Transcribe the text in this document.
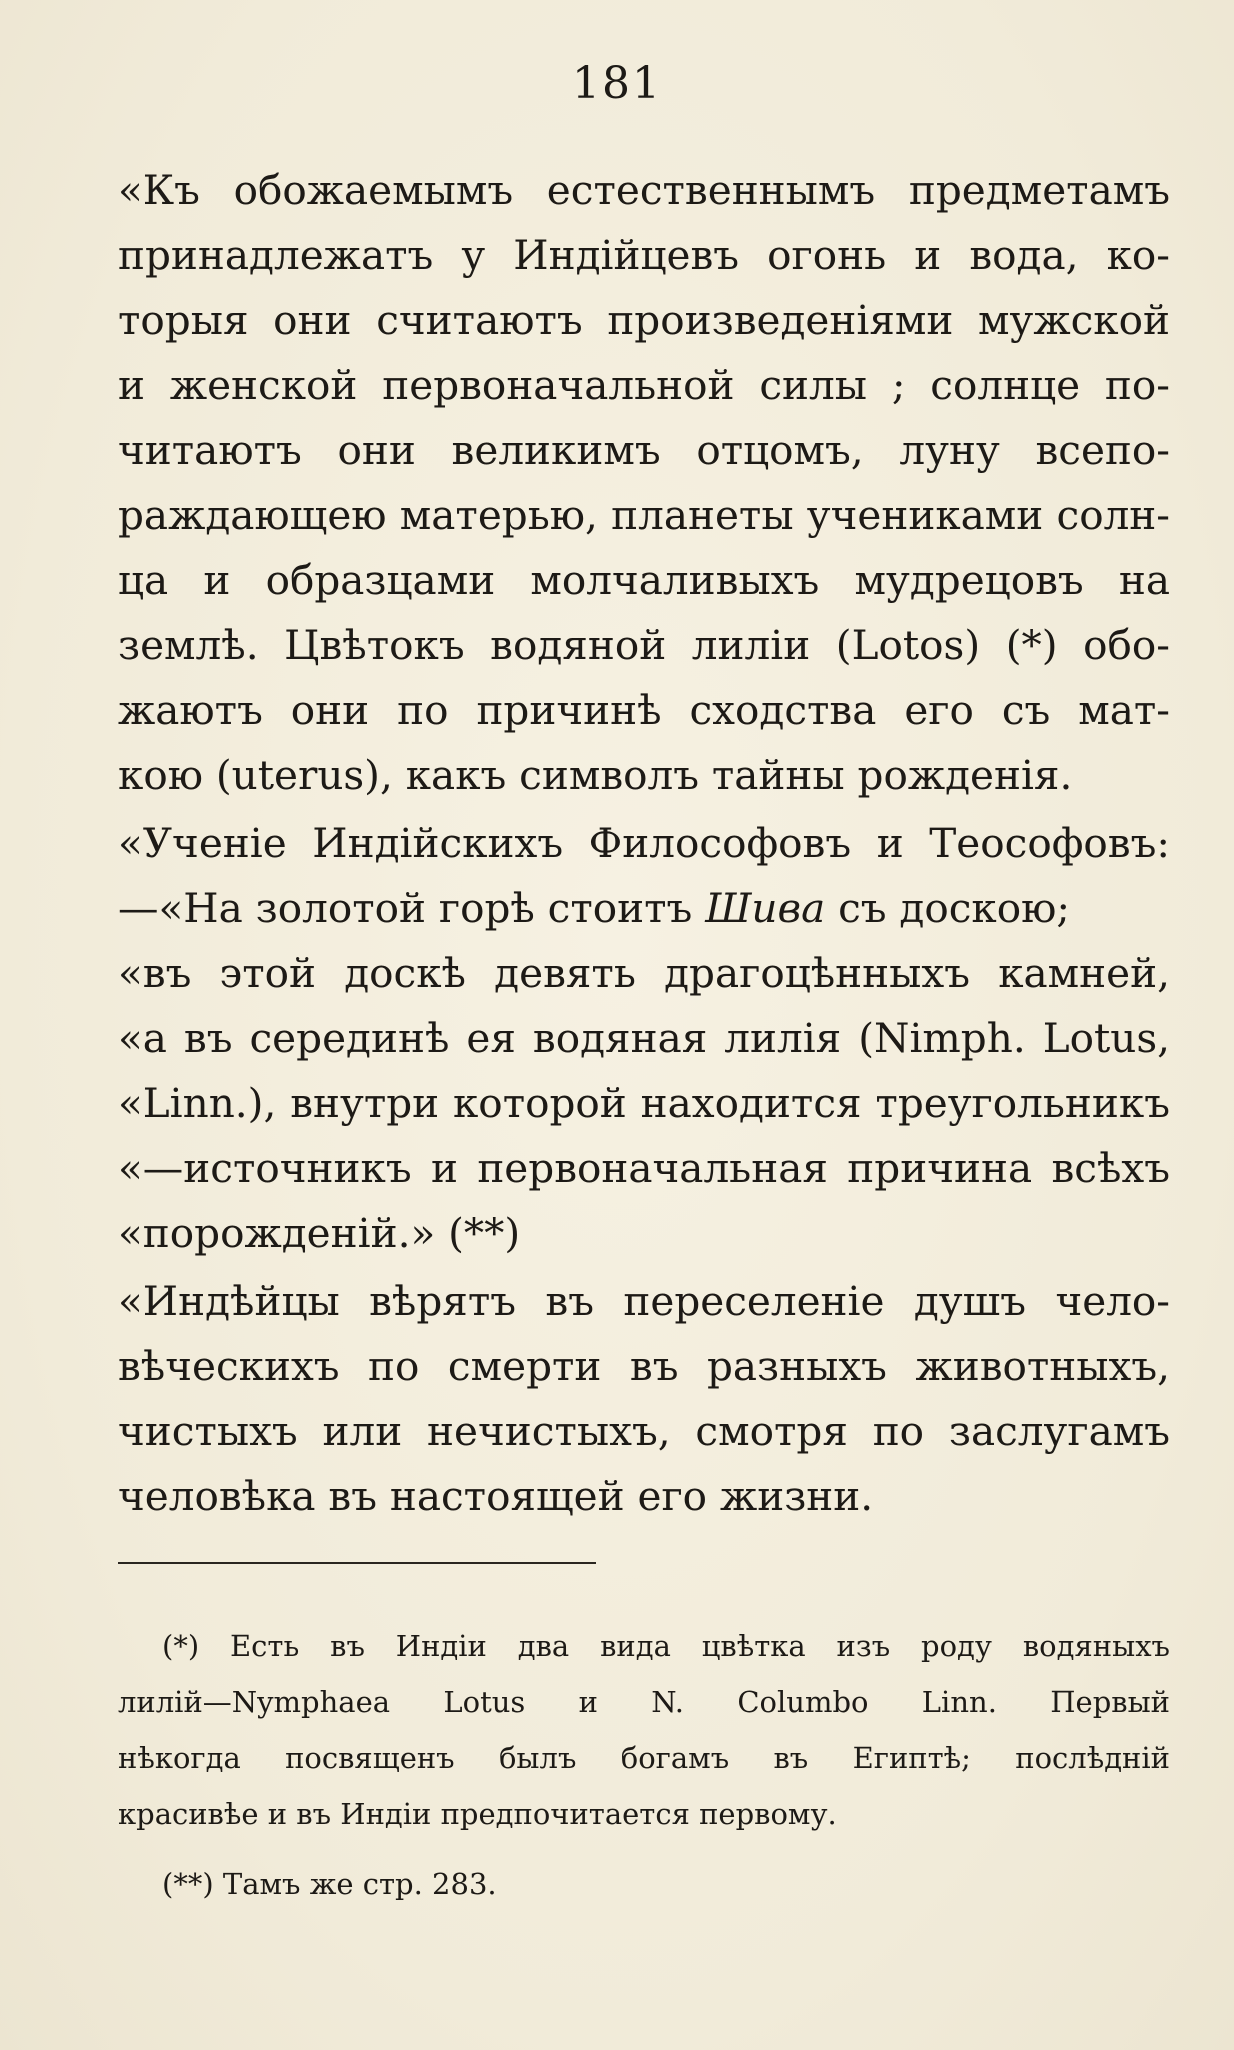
181
«Къ обожаемымъ естественнымъ предметамъ
принадлежатъ у Индійцевъ огонь и вода, ко-
торыя они считаютъ произведеніями мужской
и женской первоначальной силы ; солнце по-
читаютъ они великимъ отцомъ, луну всепо-
раждающею матерью, планеты учениками солн-
ца и образцами молчаливыхъ мудрецовъ на
землѣ. Цвѣтокъ водяной лиліи (Lotos) (*) обо-
жаютъ они по причинѣ сходства его съ мат-
кою (uterus), какъ символъ тайны рожденія.
«Ученіе Индійскихъ Философовъ и Теософовъ:
—«На золотой горѣ стоитъ Шива съ доскою;
«въ этой доскѣ девять драгоцѣнныхъ камней,
«а въ серединѣ ея водяная лилія (Nimph. Lotus,
«Linn.), внутри которой находится треугольникъ
«—источникъ и первоначальная причина всѣхъ
«порожденій.» (**)
«Индѣйцы вѣрятъ въ переселеніе душъ чело-
вѣческихъ по смерти въ разныхъ животныхъ,
чистыхъ или нечистыхъ, смотря по заслугамъ
человѣка въ настоящей его жизни.
(*) Есть въ Индіи два вида цвѣтка изъ роду водяныхъ
лилій—Nymphaea Lotus и N. Columbo Linn. Первый
нѣкогда посвященъ былъ богамъ въ Египтѣ; послѣдній
красивѣе и въ Индіи предпочитается первому.
(**) Тамъ же стр. 283.
